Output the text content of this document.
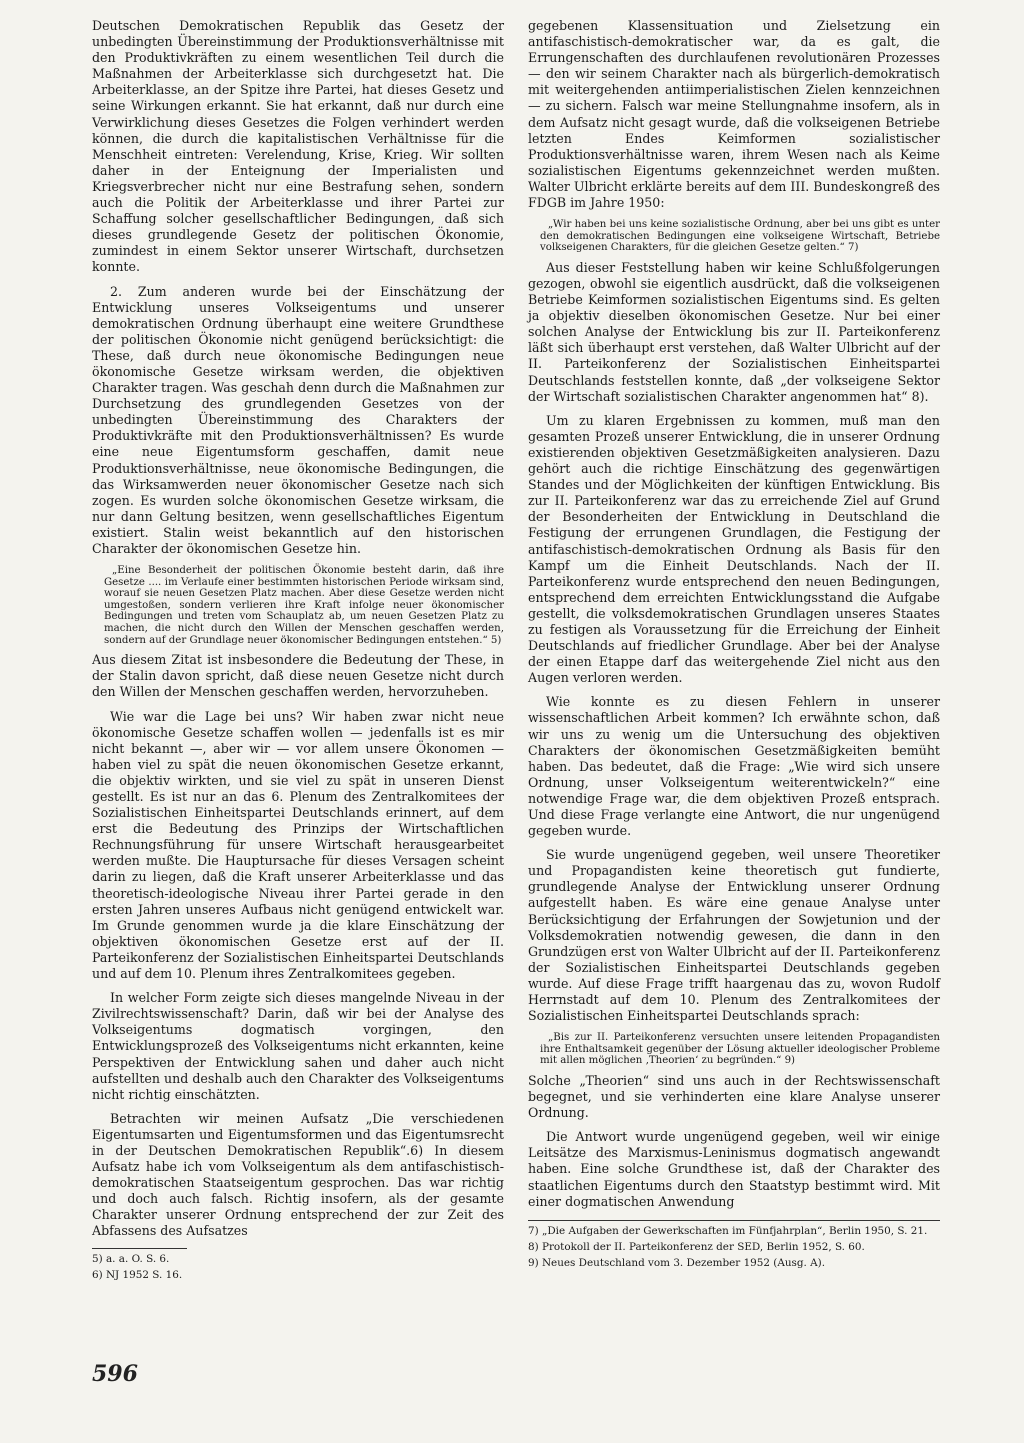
Deutschen Demokratischen Republik das Gesetz der unbedingten Übereinstimmung der Produktionsverhältnisse mit den Produktivkräften zu einem wesentlichen Teil durch die Maßnahmen der Arbeiterklasse sich durchgesetzt hat. Die Arbeiterklasse, an der Spitze ihre Partei, hat dieses Gesetz und seine Wirkungen erkannt. Sie hat erkannt, daß nur durch eine Verwirklichung dieses Gesetzes die Folgen verhindert werden können, die durch die kapitalistischen Verhältnisse für die Menschheit eintreten: Verelendung, Krise, Krieg. Wir sollten daher in der Enteignung der Imperialisten und Kriegsverbrecher nicht nur eine Bestrafung sehen, sondern auch die Politik der Arbeiterklasse und ihrer Partei zur Schaffung solcher gesellschaftlicher Bedingungen, daß sich dieses grundlegende Gesetz der politischen Ökonomie, zumindest in einem Sektor unserer Wirtschaft, durchsetzen konnte.

2. Zum anderen wurde bei der Einschätzung der Entwicklung unseres Volkseigentums und unserer demokratischen Ordnung überhaupt eine weitere Grundthese der politischen Ökonomie nicht genügend berücksichtigt: die These, daß durch neue ökonomische Bedingungen neue ökonomische Gesetze wirksam werden, die objektiven Charakter tragen. Was geschah denn durch die Maßnahmen zur Durchsetzung des grundlegenden Gesetzes von der unbedingten Übereinstimmung des Charakters der Produktivkräfte mit den Produktionsverhältnissen? Es wurde eine neue Eigentumsform geschaffen, damit neue Produktionsverhältnisse, neue ökonomische Bedingungen, die das Wirksamwerden neuer ökonomischer Gesetze nach sich zogen. Es wurden solche ökonomischen Gesetze wirksam, die nur dann Geltung besitzen, wenn gesellschaftliches Eigentum existiert. Stalin weist bekanntlich auf den historischen Charakter der ökonomischen Gesetze hin.

„Eine Besonderheit der politischen Ökonomie besteht darin, daß ihre Gesetze .... im Verlaufe einer bestimmten historischen Periode wirksam sind, worauf sie neuen Gesetzen Platz machen. Aber diese Gesetze werden nicht umgestoßen, sondern verlieren ihre Kraft infolge neuer ökonomischer Bedingungen und treten vom Schauplatz ab, um neuen Gesetzen Platz zu machen, die nicht durch den Willen der Menschen geschaffen werden, sondern auf der Grundlage neuer ökonomischer Bedingungen entstehen.“ 5)

Aus diesem Zitat ist insbesondere die Bedeutung der These, in der Stalin davon spricht, daß diese neuen Gesetze nicht durch den Willen der Menschen geschaffen werden, hervorzuheben.

Wie war die Lage bei uns? Wir haben zwar nicht neue ökonomische Gesetze schaffen wollen — jedenfalls ist es mir nicht bekannt —, aber wir — vor allem unsere Ökonomen — haben viel zu spät die neuen ökonomischen Gesetze erkannt, die objektiv wirkten, und sie viel zu spät in unseren Dienst gestellt. Es ist nur an das 6. Plenum des Zentralkomitees der Sozialistischen Einheitspartei Deutschlands erinnert, auf dem erst die Bedeutung des Prinzips der Wirtschaftlichen Rechnungsführung für unsere Wirtschaft herausgearbeitet werden mußte. Die Hauptursache für dieses Versagen scheint darin zu liegen, daß die Kraft unserer Arbeiterklasse und das theoretisch-ideologische Niveau ihrer Partei gerade in den ersten Jahren unseres Aufbaus nicht genügend entwickelt war. Im Grunde genommen wurde ja die klare Einschätzung der objektiven ökonomischen Gesetze erst auf der II. Parteikonferenz der Sozialistischen Einheitspartei Deutschlands und auf dem 10. Plenum ihres Zentralkomitees gegeben.

In welcher Form zeigte sich dieses mangelnde Niveau in der Zivilrechtswissenschaft? Darin, daß wir bei der Analyse des Volkseigentums dogmatisch vorgingen, den Entwicklungsprozeß des Volkseigentums nicht erkannten, keine Perspektiven der Entwicklung sahen und daher auch nicht aufstellten und deshalb auch den Charakter des Volkseigentums nicht richtig einschätzten.

Betrachten wir meinen Aufsatz „Die verschiedenen Eigentumsarten und Eigentumsformen und das Eigentumsrecht in der Deutschen Demokratischen Republik“.6) In diesem Aufsatz habe ich vom Volkseigentum als dem antifaschistisch-demokratischen Staatseigentum gesprochen. Das war richtig und doch auch falsch. Richtig insofern, als der gesamte Charakter unserer Ordnung entsprechend der zur Zeit des Abfassens des Aufsatzes

5) a. a. O. S. 6.
6) NJ 1952 S. 16.

gegebenen Klassensituation und Zielsetzung ein antifaschistisch-demokratischer war, da es galt, die Errungenschaften des durchlaufenen revolutionären Prozesses — den wir seinem Charakter nach als bürgerlich-demokratisch mit weitergehenden antiimperialistischen Zielen kennzeichnen — zu sichern. Falsch war meine Stellungnahme insofern, als in dem Aufsatz nicht gesagt wurde, daß die volkseigenen Betriebe letzten Endes Keimformen sozialistischer Produktionsverhältnisse waren, ihrem Wesen nach als Keime sozialistischen Eigentums gekennzeichnet werden mußten. Walter Ulbricht erklärte bereits auf dem III. Bundeskongreß des FDGB im Jahre 1950:

„Wir haben bei uns keine sozialistische Ordnung, aber bei uns gibt es unter den demokratischen Bedingungen eine volkseigene Wirtschaft, Betriebe volkseigenen Charakters, für die gleichen Gesetze gelten.“ 7)

Aus dieser Feststellung haben wir keine Schlußfolgerungen gezogen, obwohl sie eigentlich ausdrückt, daß die volkseigenen Betriebe Keimformen sozialistischen Eigentums sind. Es gelten ja objektiv dieselben ökonomischen Gesetze. Nur bei einer solchen Analyse der Entwicklung bis zur II. Parteikonferenz läßt sich überhaupt erst verstehen, daß Walter Ulbricht auf der II. Parteikonferenz der Sozialistischen Einheitspartei Deutschlands feststellen konnte, daß „der volkseigene Sektor der Wirtschaft sozialistischen Charakter angenommen hat“ 8).

Um zu klaren Ergebnissen zu kommen, muß man den gesamten Prozeß unserer Entwicklung, die in unserer Ordnung existierenden objektiven Gesetzmäßigkeiten analysieren. Dazu gehört auch die richtige Einschätzung des gegenwärtigen Standes und der Möglichkeiten der künftigen Entwicklung. Bis zur II. Parteikonferenz war das zu erreichende Ziel auf Grund der Besonderheiten der Entwicklung in Deutschland die Festigung der errungenen Grundlagen, die Festigung der antifaschistisch-demokratischen Ordnung als Basis für den Kampf um die Einheit Deutschlands. Nach der II. Parteikonferenz wurde entsprechend den neuen Bedingungen, entsprechend dem erreichten Entwicklungsstand die Aufgabe gestellt, die volksdemokratischen Grundlagen unseres Staates zu festigen als Voraussetzung für die Erreichung der Einheit Deutschlands auf friedlicher Grundlage. Aber bei der Analyse der einen Etappe darf das weitergehende Ziel nicht aus den Augen verloren werden.

Wie konnte es zu diesen Fehlern in unserer wissenschaftlichen Arbeit kommen? Ich erwähnte schon, daß wir uns zu wenig um die Untersuchung des objektiven Charakters der ökonomischen Gesetzmäßigkeiten bemüht haben. Das bedeutet, daß die Frage: „Wie wird sich unsere Ordnung, unser Volkseigentum weiterentwickeln?“ eine notwendige Frage war, die dem objektiven Prozeß entsprach. Und diese Frage verlangte eine Antwort, die nur ungenügend gegeben wurde.

Sie wurde ungenügend gegeben, weil unsere Theoretiker und Propagandisten keine theoretisch gut fundierte, grundlegende Analyse der Entwicklung unserer Ordnung aufgestellt haben. Es wäre eine genaue Analyse unter Berücksichtigung der Erfahrungen der Sowjetunion und der Volksdemokratien notwendig gewesen, die dann in den Grundzügen erst von Walter Ulbricht auf der II. Parteikonferenz der Sozialistischen Einheitspartei Deutschlands gegeben wurde. Auf diese Frage trifft haargenau das zu, wovon Rudolf Herrnstadt auf dem 10. Plenum des Zentralkomitees der Sozialistischen Einheitspartei Deutschlands sprach:

„Bis zur II. Parteikonferenz versuchten unsere leitenden Propagandisten ihre Enthaltsamkeit gegenüber der Lösung aktueller ideologischer Probleme mit allen möglichen ‚Theorien‘ zu begründen.“ 9)

Solche „Theorien“ sind uns auch in der Rechtswissenschaft begegnet, und sie verhinderten eine klare Analyse unserer Ordnung.

Die Antwort wurde ungenügend gegeben, weil wir einige Leitsätze des Marxismus-Leninismus dogmatisch angewandt haben. Eine solche Grundthese ist, daß der Charakter des staatlichen Eigentums durch den Staatstyp bestimmt wird. Mit einer dogmatischen Anwendung

7) „Die Aufgaben der Gewerkschaften im Fünfjahrplan“, Berlin 1950, S. 21.
8) Protokoll der II. Parteikonferenz der SED, Berlin 1952, S. 60.
9) Neues Deutschland vom 3. Dezember 1952 (Ausg. A).
596
